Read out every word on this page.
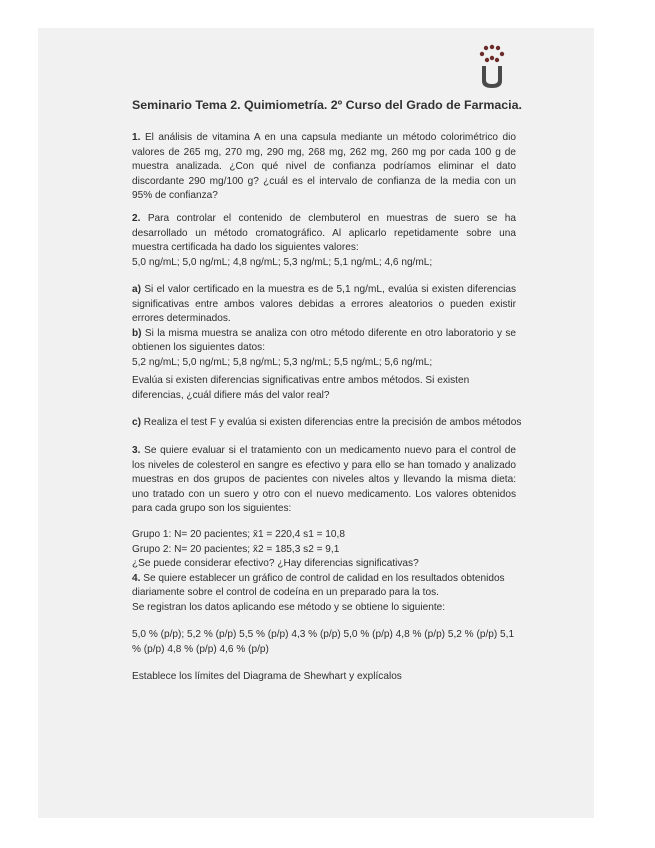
Seminario Tema 2. Quimiometría. 2º Curso del Grado de Farmacia.

1. El análisis de vitamina A en una capsula mediante un método colorimétrico dio valores de 265 mg, 270 mg, 290 mg, 268 mg, 262 mg, 260 mg por cada 100 g de muestra analizada. ¿Con qué nivel de confianza podríamos eliminar el dato discordante 290 mg/100 g? ¿cuál es el intervalo de confianza de la media con un 95% de confianza?

2. Para controlar el contenido de clembuterol en muestras de suero se ha desarrollado un método cromatográfico. Al aplicarlo repetidamente sobre una muestra certificada ha dado los siguientes valores:

5,0 ng/mL; 5,0 ng/mL; 4,8 ng/mL; 5,3 ng/mL; 5,1 ng/mL; 4,6 ng/mL;

a) Si el valor certificado en la muestra es de 5,1 ng/mL, evalúa si existen diferencias significativas entre ambos valores debidas a errores aleatorios o pueden existir errores determinados.

b) Si la misma muestra se analiza con otro método diferente en otro laboratorio y se obtienen los siguientes datos:

5,2 ng/mL; 5,0 ng/mL; 5,8 ng/mL; 5,3 ng/mL; 5,5 ng/mL; 5,6 ng/mL;

Evalúa si existen diferencias significativas entre ambos métodos. Si existen diferencias, ¿cuál difiere más del valor real?

c) Realiza el test F y evalúa si existen diferencias entre la precisión de ambos métodos

3. Se quiere evaluar si el tratamiento con un medicamento nuevo para el control de los niveles de colesterol en sangre es efectivo y para ello se han tomado y analizado muestras en dos grupos de pacientes con niveles altos y llevando la misma dieta: uno tratado con un suero y otro con el nuevo medicamento. Los valores obtenidos para cada grupo son los siguientes:

Grupo 1: N= 20 pacientes; x̄1 = 220,4 s1 = 10,8

Grupo 2: N= 20 pacientes; x̄2 = 185,3 s2 = 9,1

¿Se puede considerar efectivo? ¿Hay diferencias significativas?

4. Se quiere establecer un gráfico de control de calidad en los resultados obtenidos diariamente sobre el control de codeína en un preparado para la tos.

Se registran los datos aplicando ese método y se obtiene lo siguiente:

5,0 % (p/p); 5,2 % (p/p) 5,5 % (p/p) 4,3 % (p/p) 5,0 % (p/p) 4,8 % (p/p) 5,2 % (p/p) 5,1 % (p/p) 4,8 % (p/p) 4,6 % (p/p)

Establece los límites del Diagrama de Shewhart y explícalos
